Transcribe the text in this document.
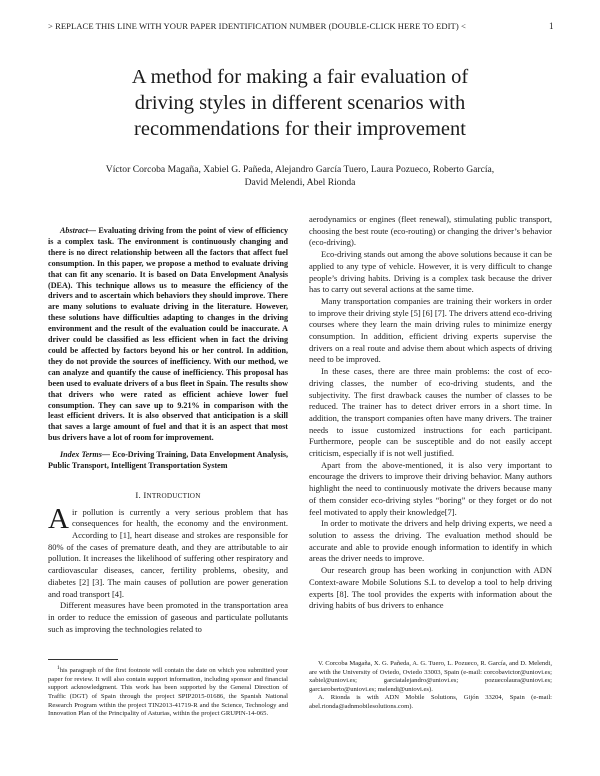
> REPLACE THIS LINE WITH YOUR PAPER IDENTIFICATION NUMBER (DOUBLE-CLICK HERE TO EDIT) <	1
A method for making a fair evaluation of
driving styles in different scenarios with
recommendations for their improvement
Víctor Corcoba Magaña, Xabiel G. Pañeda, Alejandro García Tuero, Laura Pozueco, Roberto García,
David Melendi, Abel Rionda

Abstract— Evaluating driving from the point of view of efficiency is a complex task. The environment is continuously changing and there is no direct relationship between all the factors that affect fuel consumption. In this paper, we propose a method to evaluate driving that can fit any scenario. It is based on Data Envelopment Analysis (DEA). This technique allows us to measure the efficiency of the drivers and to ascertain which behaviors they should improve. There are many solutions to evaluate driving in the literature. However, these solutions have difficulties adapting to changes in the driving environment and the result of the evaluation could be inaccurate. A driver could be classified as less efficient when in fact the driving could be affected by factors beyond his or her control. In addition, they do not provide the sources of inefficiency. With our method, we can analyze and quantify the cause of inefficiency. This proposal has been used to evaluate drivers of a bus fleet in Spain. The results show that drivers who were rated as efficient achieve lower fuel consumption. They can save up to 9.21% in comparison with the least efficient drivers. It is also observed that anticipation is a skill that saves a large amount of fuel and that it is an aspect that most bus drivers have a lot of room for improvement.

Index Terms— Eco-Driving Training, Data Envelopment Analysis, Public Transport, Intelligent Transportation System

I. INTRODUCTION

Air pollution is currently a very serious problem that has consequences for health, the economy and the environment. According to [1], heart disease and strokes are responsible for 80% of the cases of premature death, and they are attributable to air pollution. It increases the likelihood of suffering other respiratory and cardiovascular diseases, cancer, fertility problems, obesity, and diabetes [2] [3]. The main causes of pollution are power generation and road transport [4].

Different measures have been promoted in the transportation area in order to reduce the emission of gaseous and particulate pollutants such as improving the technologies related to

aerodynamics or engines (fleet renewal), stimulating public transport, choosing the best route (eco-routing) or changing the driver’s behavior (eco-driving).

Eco-driving stands out among the above solutions because it can be applied to any type of vehicle. However, it is very difficult to change people’s driving habits. Driving is a complex task because the driver has to carry out several actions at the same time.

Many transportation companies are training their workers in order to improve their driving style [5] [6] [7]. The drivers attend eco-driving courses where they learn the main driving rules to minimize energy consumption. In addition, efficient driving experts supervise the drivers on a real route and advise them about which aspects of driving need to be improved.

In these cases, there are three main problems: the cost of eco-driving classes, the number of eco-driving students, and the subjectivity. The first drawback causes the number of classes to be reduced. The trainer has to detect driver errors in a short time. In addition, the transport companies often have many drivers. The trainer needs to issue customized instructions for each participant. Furthermore, people can be susceptible and do not easily accept criticism, especially if is not well justified.

Apart from the above-mentioned, it is also very important to encourage the drivers to improve their driving behavior. Many authors highlight the need to continuously motivate the drivers because many of them consider eco-driving styles “boring” or they forget or do not feel motivated to apply their knowledge[7].

In order to motivate the drivers and help driving experts, we need a solution to assess the driving. The evaluation method should be accurate and able to provide enough information to identify in which areas the driver needs to improve.

Our research group has been working in conjunction with ADN Context-aware Mobile Solutions S.L to develop a tool to help driving experts [8]. The tool provides the experts with information about the driving habits of bus drivers to enhance

$^1$his paragraph of the first footnote will contain the date on which you submitted your paper for review. It will also contain support information, including sponsor and financial support acknowledgment. This work has been supported by the General Direction of Traffic (DGT) of Spain through the project SPIP2015-01686, the Spanish National Research Program within the project TIN2013-41719-R and the Science, Technology and Innovation Plan of the Principality of Asturias, within the project GRUPIN-14-065.

V. Corcoba Magaña, X. G. Pañeda, A. G. Tuero, L. Pozueco, R. García, and D. Melendi, are with the University of Oviedo, Oviedo 33003, Spain (e-mail: corcobavictor@uniovi.es; xabiel@uniovi.es; garciatalejandro@uniovi.es; pozuecolaura@uniovi.es; garciaroberto@uniovi.es; melendi@uniovi.es).

A. Rionda is with ADN Mobile Solutions, Gijón 33204, Spain (e-mail: abel.rionda@adnmobilesolutions.com).
